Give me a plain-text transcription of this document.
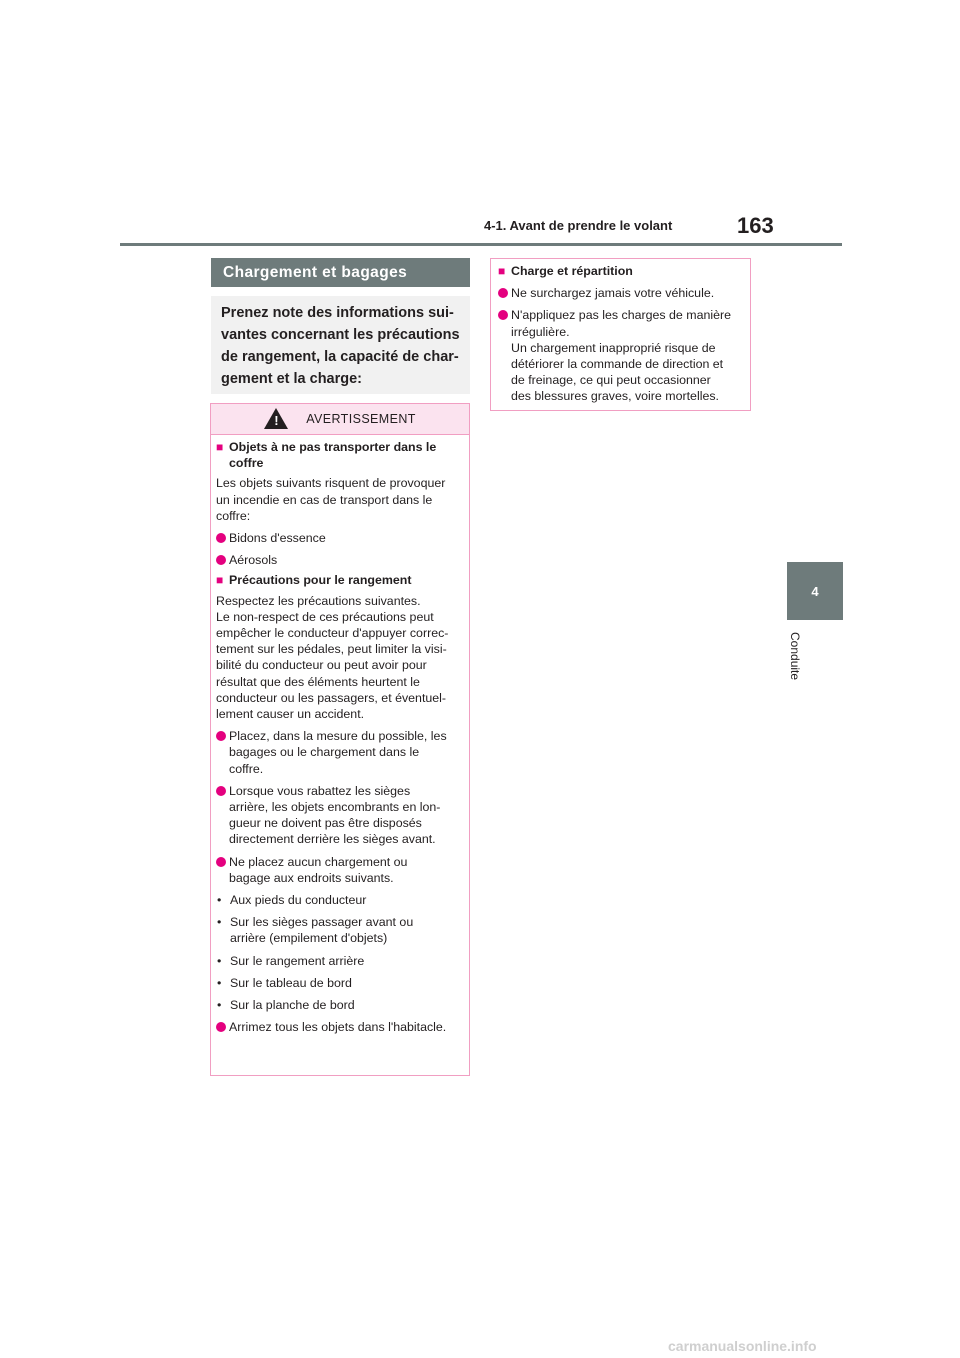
4-1. Avant de prendre le volant	163
4
Conduite
Chargement et bagages

Prenez note des informations sui-

vantes concernant les précautions

de rangement, la capacité de char-

gement et la charge:

!
AVERTISSEMENT
■ Objets à ne pas transporter dans le
coffre
Les objets suivants risquent de provoquer
un incendie en cas de transport dans le
coffre:
Bidons d'essence
Aérosols
■ Précautions pour le rangement
Respectez les précautions suivantes.
Le non-respect de ces précautions peut
empêcher le conducteur d'appuyer correc-
tement sur les pédales, peut limiter la visi-
bilité du conducteur ou peut avoir pour
résultat que des éléments heurtent le
conducteur ou les passagers, et éventuel-
lement causer un accident.
Placez, dans la mesure du possible, les
bagages ou le chargement dans le
coffre.
Lorsque vous rabattez les sièges
arrière, les objets encombrants en lon-
gueur ne doivent pas être disposés
directement derrière les sièges avant.
Ne placez aucun chargement ou
bagage aux endroits suivants.
• Aux pieds du conducteur
• Sur les sièges passager avant ou
arrière (empilement d'objets)
• Sur le rangement arrière
• Sur le tableau de bord
• Sur la planche de bord
Arrimez tous les objets dans l'habitacle.
■ Charge et répartition
Ne surchargez jamais votre véhicule.
N'appliquez pas les charges de manière
irrégulière.
Un chargement inapproprié risque de
détériorer la commande de direction et
de freinage, ce qui peut occasionner
des blessures graves, voire mortelles.
carmanualsonline.info
